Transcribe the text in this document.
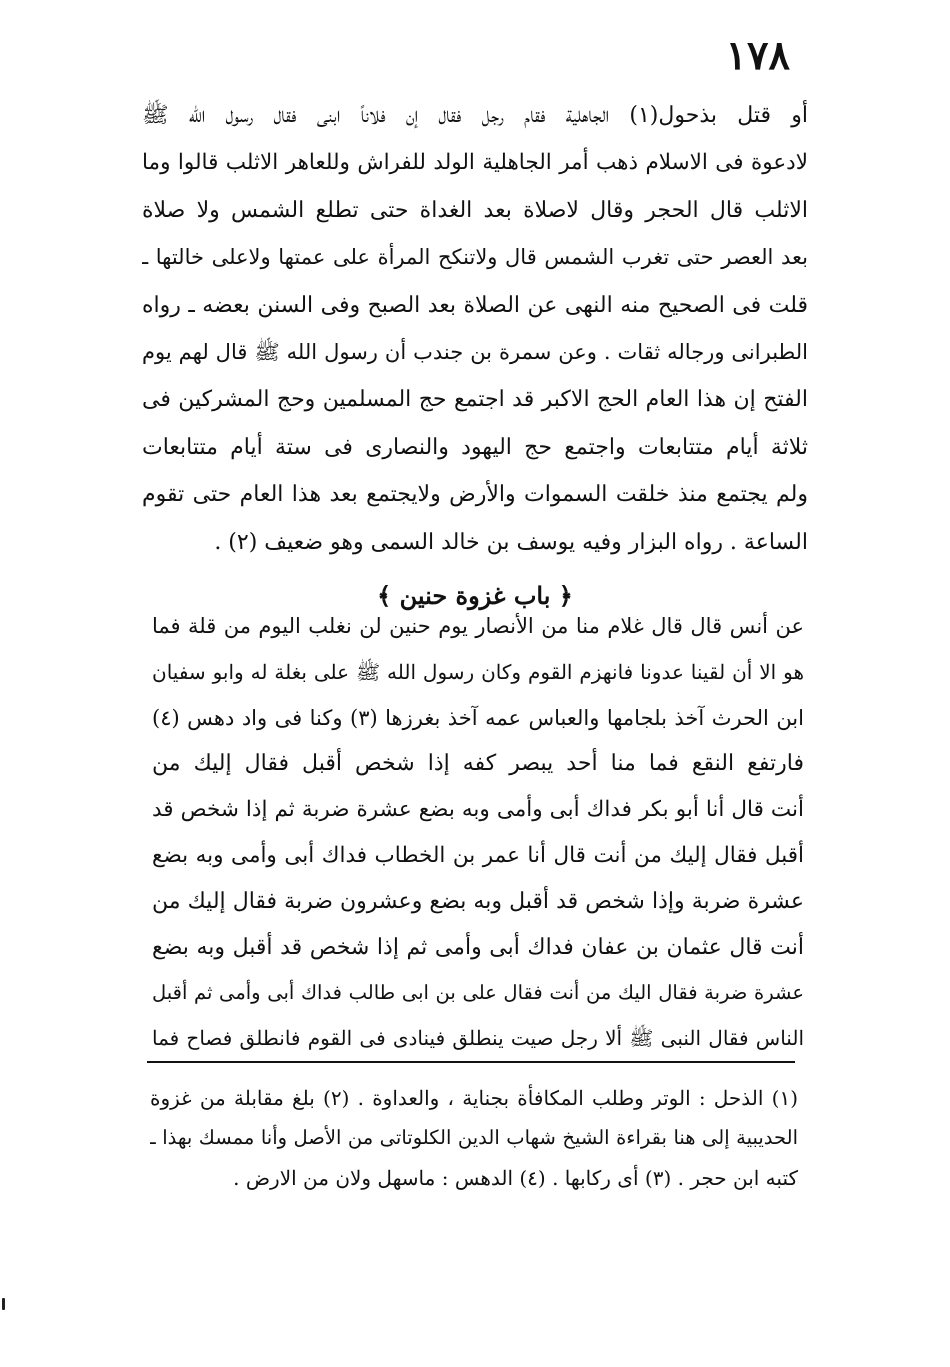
١٧٨
أو قتل بذحول(١) الجاهلية فقام رجل فقال إن فلاناً ابنى فقال رسول الله ﷺ
لادعوة فى الاسلام ذهب أمر الجاهلية الولد للفراش وللعاهر الاثلب قالوا وما
الاثلب قال الحجر وقال لاصلاة بعد الغداة حتى تطلع الشمس ولا صلاة
بعد العصر حتى تغرب الشمس قال ولاتنكح المرأة على عمتها ولاعلى خالتها ـ
قلت فى الصحيح منه النهى عن الصلاة بعد الصبح وفى السنن بعضه ـ رواه
الطبرانى ورجاله ثقات . وعن سمرة بن جندب أن رسول الله ﷺ قال لهم يوم
الفتح إن هذا العام الحج الاكبر قد اجتمع حج المسلمين وحج المشركين فى
ثلاثة أيام متتابعات واجتمع حج اليهود والنصارى فى ستة أيام متتابعات
ولم يجتمع منذ خلقت السموات والأرض ولايجتمع بعد هذا العام حتى تقوم
الساعة . رواه البزار وفيه يوسف بن خالد السمى وهو ضعيف (٢) .
﴿ باب غزوة حنين ﴾
عن أنس قال قال غلام منا من الأنصار يوم حنين لن نغلب اليوم من قلة فما
هو الا أن لقينا عدونا فانهزم القوم وكان رسول الله ﷺ على بغلة له وابو سفيان
ابن الحرث آخذ بلجامها والعباس عمه آخذ بغرزها (٣) وكنا فى واد دهس (٤)
فارتفع النقع فما منا أحد يبصر كفه إذا شخص أقبل فقال إليك من
أنت قال أنا أبو بكر فداك أبى وأمى وبه بضع عشرة ضربة ثم إذا شخص قد
أقبل فقال إليك من أنت قال أنا عمر بن الخطاب فداك أبى وأمى وبه بضع
عشرة ضربة وإذا شخص قد أقبل وبه بضع وعشرون ضربة فقال إليك من
أنت قال عثمان بن عفان فداك أبى وأمى ثم إذا شخص قد أقبل وبه بضع
عشرة ضربة فقال اليك من أنت فقال على بن ابى طالب فداك أبى وأمى ثم أقبل
الناس فقال النبى ﷺ ألا رجل صيت ينطلق فينادى فى القوم فانطلق فصاح فما
(١) الذحل : الوتر وطلب المكافأة بجناية ، والعداوة . (٢) بلغ مقابلة من غزوة
الحديبية إلى هنا بقراءة الشيخ شهاب الدين الكلوتاتى من الأصل وأنا ممسك بهذا ـ
كتبه ابن حجر . (٣) أى ركابها . (٤) الدهس : ماسهل ولان من الارض .
